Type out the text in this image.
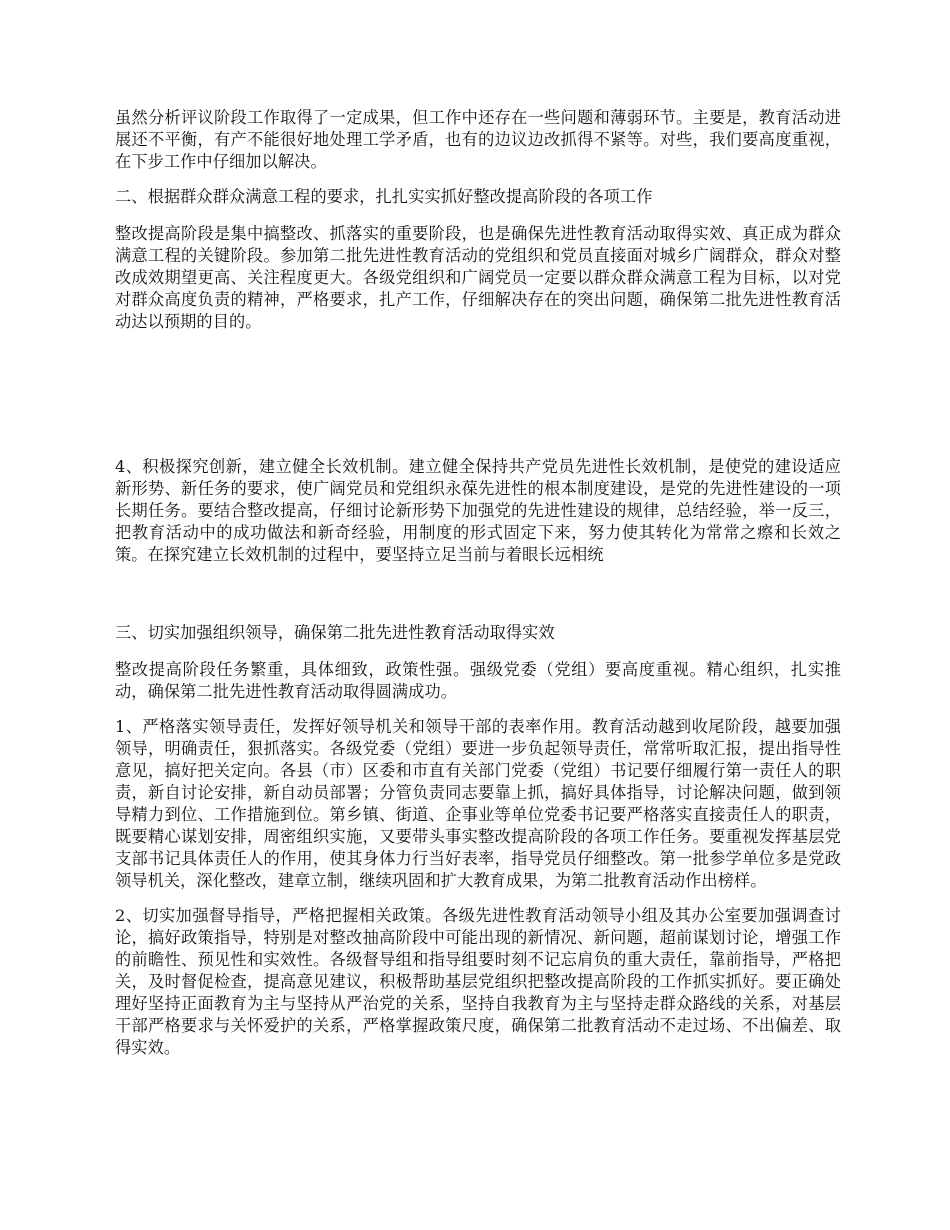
虽然分析评议阶段工作取得了一定成果，但工作中还存在一些问题和薄弱环节。主要是，教育活动进展还不平衡，有产不能很好地处理工学矛盾，也有的边议边改抓得不紧等。对些，我们要高度重视，在下步工作中仔细加以解决。

二、根据群众群众满意工程的要求，扎扎实实抓好整改提高阶段的各项工作

整改提高阶段是集中搞整改、抓落实的重要阶段，也是确保先进性教育活动取得实效、真正成为群众满意工程的关键阶段。参加第二批先进性教育活动的党组织和党员直接面对城乡广阔群众，群众对整改成效期望更高、关注程度更大。各级党组织和广阔党员一定要以群众群众满意工程为目标，以对党对群众高度负责的精神，严格要求，扎产工作，仔细解决存在的突出问题，确保第二批先进性教育活动达以预期的目的。

4、积极探究创新，建立健全长效机制。建立健全保持共产党员先进性长效机制，是使党的建设适应新形势、新任务的要求，使广阔党员和党组织永葆先进性的根本制度建设，是党的先进性建设的一项长期任务。要结合整改提高，仔细讨论新形势下加强党的先进性建设的规律，总结经验，举一反三，把教育活动中的成功做法和新奇经验，用制度的形式固定下来，努力使其转化为常常之瘵和长效之策。在探究建立长效机制的过程中，要坚持立足当前与着眼长远相统

三、切实加强组织领导，确保第二批先进性教育活动取得实效

整改提高阶段任务繁重，具体细致，政策性强。强级党委（党组）要高度重视。精心组织，扎实推动，确保第二批先进性教育活动取得圆满成功。

1、严格落实领导责任，发挥好领导机关和领导干部的表率作用。教育活动越到收尾阶段，越要加强领导，明确责任，狠抓落实。各级党委（党组）要进一步负起领导责任，常常听取汇报，提出指导性意见，搞好把关定向。各县（市）区委和市直有关部门党委（党组）书记要仔细履行第一责任人的职责，新自讨论安排，新自动员部署；分管负责同志要靠上抓，搞好具体指导，讨论解决问题，做到领导精力到位、工作措施到位。第乡镇、街道、企事业等单位党委书记要严格落实直接责任人的职责，既要精心谋划安排，周密组织实施，又要带头事实整改提高阶段的各项工作任务。要重视发挥基层党支部书记具体责任人的作用，使其身体力行当好表率，指导党员仔细整改。第一批参学单位多是党政领导机关，深化整改，建章立制，继续巩固和扩大教育成果，为第二批教育活动作出榜样。

2、切实加强督导指导，严格把握相关政策。各级先进性教育活动领导小组及其办公室要加强调查讨论，搞好政策指导，特别是对整改抽高阶段中可能出现的新情况、新问题，超前谋划讨论，增强工作的前瞻性、预见性和实效性。各级督导组和指导组要时刻不记忘肩负的重大责任，靠前指导，严格把关，及时督促检查，提高意见建议，积极帮助基层党组织把整改提高阶段的工作抓实抓好。要正确处理好坚持正面教育为主与坚持从严治党的关系，坚持自我教育为主与坚持走群众路线的关系，对基层干部严格要求与关怀爱护的关系，严格掌握政策尺度，确保第二批教育活动不走过场、不出偏差、取得实效。
